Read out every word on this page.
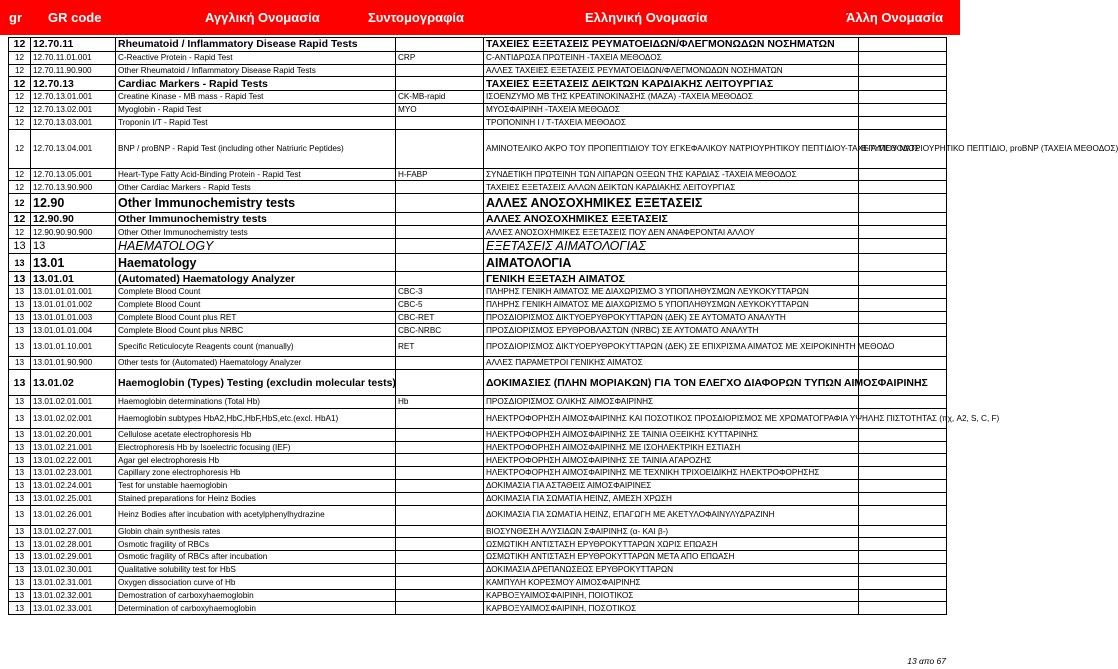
gr GR code	Αγγλική Ονομασία	Συντομογραφία	Ελληνική Ονομασία	Άλλη Ονομασία
12	12.70.11	Rheumatoid / Inflammatory Disease Rapid Tests		ΤΑΧΕΙΕΣ ΕΞΕΤΑΣΕΙΣ ΡΕΥΜΑΤΟΕΙΔΩΝ/ΦΛΕΓΜΟΝΩΔΩΝ ΝΟΣΗΜΑΤΩΝ	
12	12.70.11.01.001	C-Reactive Protein - Rapid Test	CRP	C-ΑΝΤΙΔΡΩΣΑ ΠΡΩΤΕΙΝΗ -ΤΑΧΕΙΑ ΜΕΘΟΔΟΣ	
12	12.70.11.90.900	Other Rheumatoid / Inflammatory Disease Rapid Tests		ΑΛΛΕΣ ΤΑΧΕΙΕΣ ΕΞΕΤΑΣΕΙΣ ΡΕΥΜΑΤΟΕΙΔΩΝ/ΦΛΕΓΜΟΝΩΔΩΝ ΝΟΣΗΜΑΤΩΝ	
12	12.70.13	Cardiac Markers - Rapid Tests		ΤΑΧΕΙΕΣ ΕΞΕΤΑΣΕΙΣ ΔΕΙΚΤΩΝ ΚΑΡΔΙΑΚΗΣ ΛΕΙΤΟΥΡΓΙΑΣ	
12	12.70.13.01.001	Creatine Kinase - MB mass - Rapid Test	CK-MB-rapid	ΙΣΟΕΝΖΥΜΟ ΜΒ ΤΗΣ ΚΡΕΑΤΙΝΟΚΙΝΑΣΗΣ (ΜΑΖΑ) -ΤΑΧΕΙΑ ΜΕΘΟΔΟΣ	
12	12.70.13.02.001	Myoglobin - Rapid Test	MYO	ΜΥΟΣΦΑΙΡΙΝΗ -ΤΑΧΕΙΑ ΜΕΘΟΔΟΣ	
12	12.70.13.03.001	Troponin I/T - Rapid Test		ΤΡΟΠΟΝΙΝΗ Ι / Τ-ΤΑΧΕΙΑ ΜΕΘΟΔΟΣ	
12	12.70.13.04.001	BNP / proBNP - Rapid Test (including other Natriuric Peptides)		ΑΜΙΝΟΤΕΛΙΚΟ ΑΚΡΟ ΤΟΥ ΠΡΟΠΕΠΤΙΔΙΟΥ ΤΟΥ ΕΓΚΕΦΑΛΙΚΟΥ ΝΑΤΡΙΟΥΡΗΤΙΚΟΥ ΠΕΠΤΙΔΙΟΥ-ΤΑΧΕΙΑ ΜΕΘΟΔΟΣ	B-ΤΥΠΟΥ ΝΑΤΡΙΟΥΡΗΤΙΚΟ ΠΕΠΤΙΔΙΟ, proBNP (ΤΑΧΕΙΑ ΜΕΘΟΔΟΣ)
12	12.70.13.05.001	Heart-Type Fatty Acid-Binding Protein - Rapid Test	H-FABP	ΣΥΝΔΕΤΙΚΗ ΠΡΩΤΕΙΝΗ ΤΩΝ ΛΙΠΑΡΩΝ ΟΞΕΩΝ ΤΗΣ ΚΑΡΔΙΑΣ -ΤΑΧΕΙΑ ΜΕΘΟΔΟΣ	
12	12.70.13.90.900	Other Cardiac Markers - Rapid Tests		ΤΑΧΕΙΕΣ ΕΞΕΤΑΣΕΙΣ ΑΛΛΩΝ ΔΕΙΚΤΩΝ ΚΑΡΔΙΑΚΗΣ ΛΕΙΤΟΥΡΓΙΑΣ	
12	12.90	Other Immunochemistry tests		ΑΛΛΕΣ ΑΝΟΣΟΧΗΜΙΚΕΣ ΕΞΕΤΑΣΕΙΣ	
12	12.90.90	Other Immunochemistry tests		ΑΛΛΕΣ ΑΝΟΣΟΧΗΜΙΚΕΣ ΕΞΕΤΑΣΕΙΣ	
12	12.90.90.90.900	Other Other Immunochemistry tests		ΑΛΛΕΣ ΑΝΟΣΟΧΗΜΙΚΕΣ ΕΞΕΤΑΣΕΙΣ ΠΟΥ ΔΕΝ ΑΝΑΦΕΡΟΝΤΑΙ ΑΛΛΟΥ	
13	13	HAEMATOLOGY		ΕΞΕΤΑΣΕΙΣ ΑΙΜΑΤΟΛΟΓΙΑΣ	
13	13.01	Haematology		ΑΙΜΑΤΟΛΟΓΙΑ	
13	13.01.01	(Automated) Haematology Analyzer		ΓΕΝΙΚΗ ΕΞΕΤΑΣΗ ΑΙΜΑΤΟΣ	
13	13.01.01.01.001	Complete Blood Count	CBC-3	ΠΛΗΡΗΣ ΓΕΝΙΚΗ ΑΙΜΑΤΟΣ ΜΕ ΔΙΑΧΩΡΙΣΜΟ 3 ΥΠΟΠΛΗΘΥΣΜΩΝ ΛΕΥΚΟΚΥΤΤΑΡΩΝ	
13	13.01.01.01.002	Complete Blood Count	CBC-5	ΠΛΗΡΗΣ ΓΕΝΙΚΗ ΑΙΜΑΤΟΣ ΜΕ ΔΙΑΧΩΡΙΣΜΟ 5 ΥΠΟΠΛΗΘΥΣΜΩΝ ΛΕΥΚΟΚΥΤΤΑΡΩΝ	
13	13.01.01.01.003	Complete Blood Count plus RET	CBC-RET	ΠΡΟΣΔΙΟΡΙΣΜΟΣ ΔΙΚΤΥΟΕΡΥΘΡΟΚΥΤΤΑΡΩΝ (ΔΕΚ) ΣΕ ΑΥΤΟΜΑΤΟ ΑΝΑΛΥΤΗ	
13	13.01.01.01.004	Complete Blood Count plus NRBC	CBC-NRBC	ΠΡΟΣΔΙΟΡΙΣΜΟΣ ΕΡΥΘΡΟΒΛΑΣΤΩΝ (NRBC) ΣΕ ΑΥΤΟΜΑΤΟ ΑΝΑΛΥΤΗ	
13	13.01.01.10.001	Specific Reticulocyte Reagents count (manually)	RET	ΠΡΟΣΔΙΟΡΙΣΜΟΣ ΔΙΚΤΥΟΕΡΥΘΡΟΚΥΤΤΑΡΩΝ (ΔΕΚ) ΣΕ ΕΠΙΧΡΙΣΜΑ ΑΙΜΑΤΟΣ ΜΕ ΧΕΙΡΟΚΙΝΗΤΗ ΜΕΘΟΔΟ	
13	13.01.01.90.900	Other tests for (Automated) Haematology Analyzer		ΑΛΛΕΣ ΠΑΡΑΜΕΤΡΟΙ ΓΕΝΙΚΗΣ ΑΙΜΑΤΟΣ	
13	13.01.02	Haemoglobin (Types) Testing (excludin molecular tests)		ΔΟΚΙΜΑΣΙΕΣ (ΠΛΗΝ ΜΟΡΙΑΚΩΝ) ΓΙΑ ΤΟΝ ΕΛΕΓΧΟ ΔΙΑΦΟΡΩΝ ΤΥΠΩΝ ΑΙΜΟΣΦΑΙΡΙΝΗΣ	
13	13.01.02.01.001	Haemoglobin determinations (Total Hb)	Hb	ΠΡΟΣΔΙΟΡΙΣΜΟΣ ΟΛΙΚΗΣ ΑΙΜΟΣΦΑΙΡΙΝΗΣ	
13	13.01.02.02.001	Haemoglobin subtypes HbA2,HbC,HbF,HbS,etc.(excl. HbA1)		ΗΛΕΚΤΡΟΦΟΡΗΣΗ ΑΙΜΟΣΦΑΙΡΙΝΗΣ ΚΑΙ ΠΟΣΟΤΙΚΟΣ ΠΡΟΣΔΙΟΡΙΣΜΟΣ ΜΕ ΧΡΩΜΑΤΟΓΡΑΦΙΑ ΥΨΗΛΗΣ ΠΙΣΤΟΤΗΤΑΣ (πχ, A2, S, C, F)	
13	13.01.02.20.001	Cellulose acetate electrophoresis Hb		ΗΛΕΚΤΡΟΦΟΡΗΣΗ ΑΙΜΟΣΦΑΙΡΙΝΗΣ ΣΕ ΤΑΙΝΙΑ ΟΞΕΙΚΗΣ ΚΥΤΤΑΡΙΝΗΣ	
13	13.01.02.21.001	Electrophoresis Hb by Isoelectric focusing (IEF)		ΗΛΕΚΤΡΟΦΟΡΗΣΗ ΑΙΜΟΣΦΑΙΡΙΝΗΣ ΜΕ ΙΣΟΗΛΕΚΤΡΙΚΗ ΕΣΤΙΑΣΗ	
13	13.01.02.22.001	Agar gel electrophoresis Hb		ΗΛΕΚΤΡΟΦΟΡΗΣΗ ΑΙΜΟΣΦΑΙΡΙΝΗΣ ΣΕ ΤΑΙΝΙΑ ΑΓΑΡΟΖΗΣ	
13	13.01.02.23.001	Capillary zone electrophoresis Hb		ΗΛΕΚΤΡΟΦΟΡΗΣΗ ΑΙΜΟΣΦΑΙΡΙΝΗΣ ΜΕ ΤΕΧΝΙΚΗ ΤΡΙΧΟΕΙΔΙΚΗΣ ΗΛΕΚΤΡΟΦΟΡΗΣΗΣ	
13	13.01.02.24.001	Test for unstable haemoglobin		ΔΟΚΙΜΑΣΙΑ ΓΙΑ ΑΣΤΑΘΕΙΣ ΑΙΜΟΣΦΑΙΡΙΝΕΣ	
13	13.01.02.25.001	Stained preparations for Heinz Bodies		ΔΟΚΙΜΑΣΙΑ ΓΙΑ ΣΩΜΑΤΙΑ HEINZ, ΑΜΕΣΗ ΧΡΩΣΗ	
13	13.01.02.26.001	Heinz Bodies after incubation with acetylphenylhydrazine		ΔΟΚΙΜΑΣΙΑ ΓΙΑ ΣΩΜΑΤΙΑ HEINZ, ΕΠΑΓΩΓΗ ΜΕ ΑΚΕΤΥΛΟΦΑΙΝΥΛΥΔΡΑΖΙΝΗ	
13	13.01.02.27.001	Globin chain synthesis rates		ΒΙΟΣΥΝΘΕΣΗ ΑΛΥΣΙΔΩΝ ΣΦΑΙΡΙΝΗΣ (α- ΚΑΙ β-)	
13	13.01.02.28.001	Osmotic fragility of RBCs		ΩΣΜΩΤΙΚΗ ΑΝΤΙΣΤΑΣΗ ΕΡΥΘΡΟΚΥΤΤΑΡΩΝ ΧΩΡΙΣ ΕΠΩΑΣΗ	
13	13.01.02.29.001	Osmotic fragility of RBCs after incubation		ΩΣΜΩΤΙΚΗ ΑΝΤΙΣΤΑΣΗ ΕΡΥΘΡΟΚΥΤΤΑΡΩΝ ΜΕΤΑ ΑΠΟ ΕΠΩΑΣΗ	
13	13.01.02.30.001	Qualitative solubility test for HbS		ΔΟΚΙΜΑΣΙΑ ΔΡΕΠΑΝΩΣΕΩΣ ΕΡΥΘΡΟΚΥΤΤΑΡΩΝ	
13	13.01.02.31.001	Oxygen dissociation curve of Hb		ΚΑΜΠΥΛΗ ΚΟΡΕΣΜΟΥ ΑΙΜΟΣΦΑΙΡΙΝΗΣ	
13	13.01.02.32.001	Demostration of carboxyhaemoglobin		ΚΑΡΒΟΞΥΑΙΜΟΣΦΑΙΡΙΝΗ, ΠΟΙΟΤΙΚΟΣ	
13	13.01.02.33.001	Determination of carboxyhaemoglobin		ΚΑΡΒΟΞΥΑΙΜΟΣΦΑΙΡΙΝΗ, ΠΟΣΟΤΙΚΟΣ	
13 απο 67
